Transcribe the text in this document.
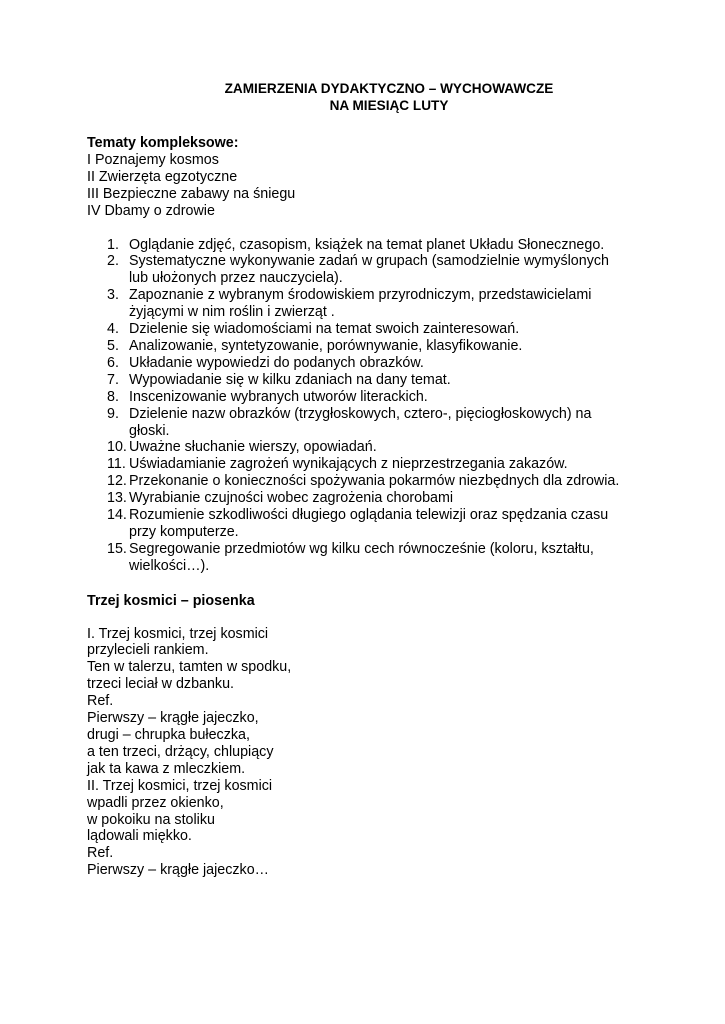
ZAMIERZENIA DYDAKTYCZNO – WYCHOWAWCZE

NA MIESIĄC LUTY

Tematy kompleksowe:

I Poznajemy kosmos

II Zwierzęta egzotyczne

III Bezpieczne zabawy na śniegu

IV Dbamy o zdrowie

1. Oglądanie zdjęć, czasopism, książek na temat planet Układu Słonecznego.
2. Systematyczne wykonywanie zadań w grupach (samodzielnie wymyślonych
lub ułożonych przez nauczyciela).
3. Zapoznanie z wybranym środowiskiem przyrodniczym, przedstawicielami
żyjącymi w nim roślin i zwierząt .
4. Dzielenie się wiadomościami na temat swoich zainteresowań.
5. Analizowanie, syntetyzowanie, porównywanie, klasyfikowanie.
6. Układanie wypowiedzi do podanych obrazków.
7. Wypowiadanie się w kilku zdaniach na dany temat.
8. Inscenizowanie wybranych utworów literackich.
9. Dzielenie nazw obrazków (trzygłoskowych, cztero-, pięciogłoskowych) na
głoski.
10. Uważne słuchanie wierszy, opowiadań.
11. Uświadamianie zagrożeń wynikających z nieprzestrzegania zakazów.
12. Przekonanie o konieczności spożywania pokarmów niezbędnych dla zdrowia.
13. Wyrabianie czujności wobec zagrożenia chorobami
14. Rozumienie szkodliwości długiego oglądania telewizji oraz spędzania czasu
przy komputerze.
15. Segregowanie przedmiotów wg kilku cech równocześnie (koloru, kształtu,
wielkości…).

Trzej kosmici – piosenka

I. Trzej kosmici, trzej kosmici

przylecieli rankiem.

Ten w talerzu, tamten w spodku,

trzeci leciał w dzbanku.

Ref.

Pierwszy – krągłe jajeczko,

drugi – chrupka bułeczka,

a ten trzeci, drżący, chlupiący

jak ta kawa z mleczkiem.

II. Trzej kosmici, trzej kosmici

wpadli przez okienko,

w pokoiku na stoliku

lądowali miękko.

Ref.

Pierwszy – krągłe jajeczko…
